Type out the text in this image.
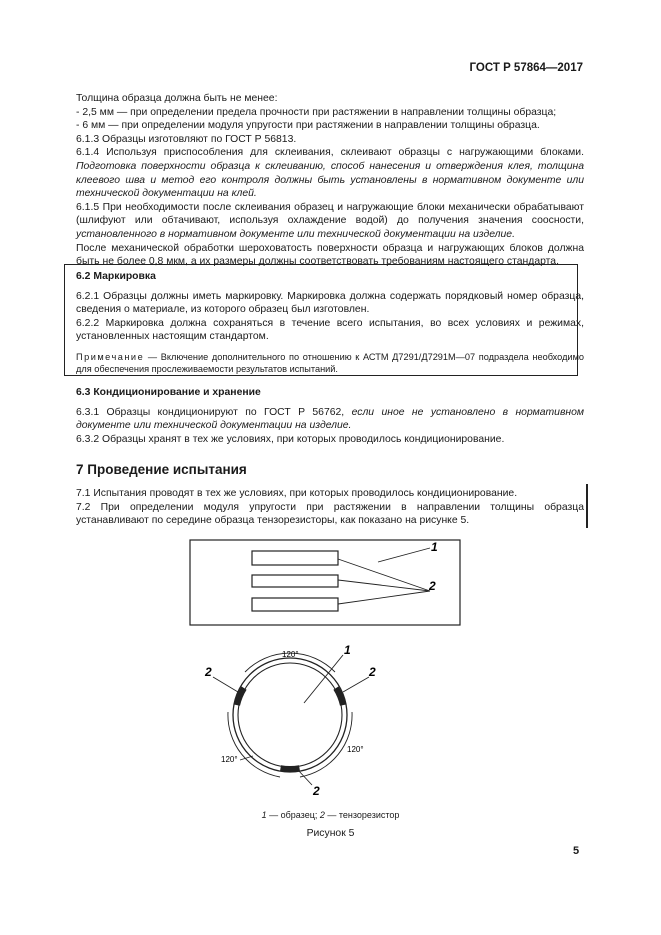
ГОСТ Р 57864—2017

Толщина образца должна быть не менее:

- 2,5 мм — при определении предела прочности при растяжении в направлении толщины образца;

- 6 мм — при определении модуля упругости при растяжении в направлении толщины образца.

6.1.3 Образцы изготовляют по ГОСТ Р 56813.

6.1.4 Используя приспособления для склеивания, склеивают образцы с нагружающими блоками. Подготовка поверхности образца к склеиванию, способ нанесения и отверждения клея, толщина клеевого шва и метод его контроля должны быть установлены в нормативном документе или технической документации на клей.

6.1.5 При необходимости после склеивания образец и нагружающие блоки механически обрабатывают (шлифуют или обтачивают, используя охлаждение водой) до получения значения соосности, установленного в нормативном документе или технической документации на изделие.

После механической обработки шероховатость поверхности образца и нагружающих блоков должна быть не более 0,8 мкм, а их размеры должны соответствовать требованиям настоящего стандарта.

6.2 Маркировка

6.2.1 Образцы должны иметь маркировку. Маркировка должна содержать порядковый номер образца, сведения о материале, из которого образец был изготовлен.

6.2.2 Маркировка должна сохраняться в течение всего испытания, во всех условиях и режимах, установленных настоящим стандартом.

Примечание — Включение дополнительного по отношению к АСТМ Д7291/Д7291М—07 подраздела необходимо для обеспечения прослеживаемости результатов испытаний.

6.3 Кондиционирование и хранение

6.3.1 Образцы кондиционируют по ГОСТ Р 56762, если иное не установлено в нормативном документе или технической документации на изделие.

6.3.2 Образцы хранят в тех же условиях, при которых проводилось кондиционирование.

7 Проведение испытания

7.1 Испытания проводят в тех же условиях, при которых проводилось кондиционирование.

7.2 При определении модуля упругости при растяжении в направлении толщины образца устанавливают по середине образца тензорезисторы, как показано на рисунке 5.

1
2
120°
120°
120°
1
2	2
2
1 — образец; 2 — тензорезистор
Рисунок 5
5
